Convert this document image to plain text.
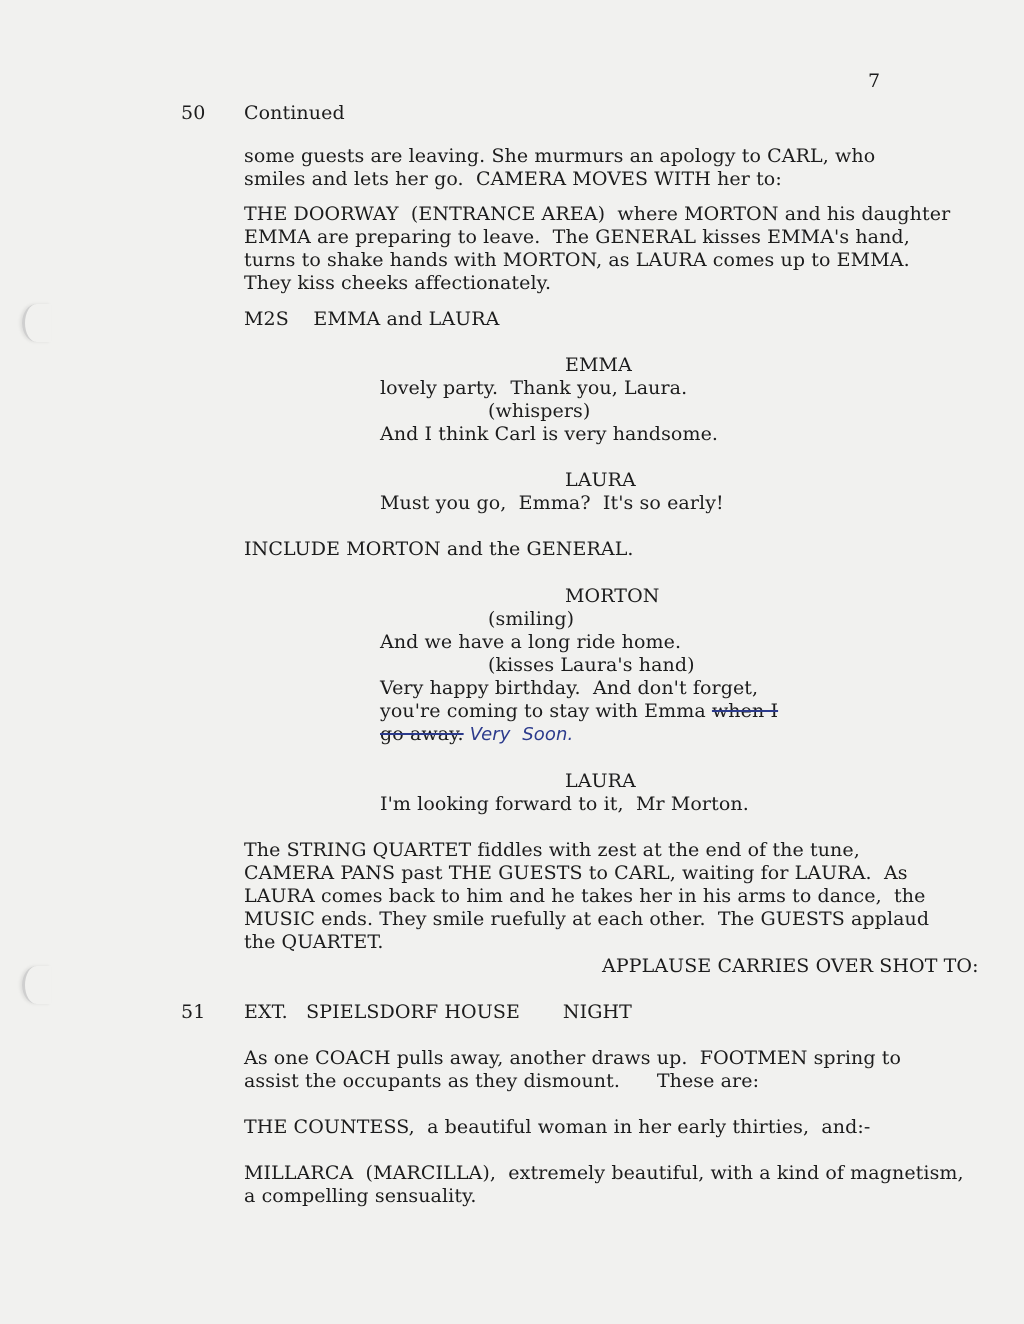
7
50 Continued
some guests are leaving. She murmurs an apology to CARL, who
smiles and lets her go.  CAMERA MOVES WITH her to:
THE DOORWAY  (ENTRANCE AREA)  where MORTON and his daughter
EMMA are preparing to leave.  The GENERAL kisses EMMA's hand,
turns to shake hands with MORTON, as LAURA comes up to EMMA.
They kiss cheeks affectionately.
M2S    EMMA and LAURA
EMMA
lovely party.  Thank you, Laura.
(whispers)
And I think Carl is very handsome.
LAURA
Must you go,  Emma?  It's so early!
INCLUDE MORTON and the GENERAL.
MORTON
(smiling)
And we have a long ride home.
(kisses Laura's hand)
Very happy birthday.  And don't forget,
you're coming to stay with Emma when I
go away. Very  Soon.
LAURA
I'm looking forward to it,  Mr Morton.
The STRING QUARTET fiddles with zest at the end of the tune,
CAMERA PANS past THE GUESTS to CARL, waiting for LAURA.  As
LAURA comes back to him and he takes her in his arms to dance,  the
MUSIC ends. They smile ruefully at each other.  The GUESTS applaud
the QUARTET.
APPLAUSE CARRIES OVER SHOT TO:
51 EXT.   SPIELSDORF HOUSE       NIGHT
As one COACH pulls away, another draws up.  FOOTMEN spring to
assist the occupants as they dismount.      These are:
THE COUNTESS,  a beautiful woman in her early thirties,  and:-
MILLARCA  (MARCILLA),  extremely beautiful, with a kind of magnetism,
a compelling sensuality.
